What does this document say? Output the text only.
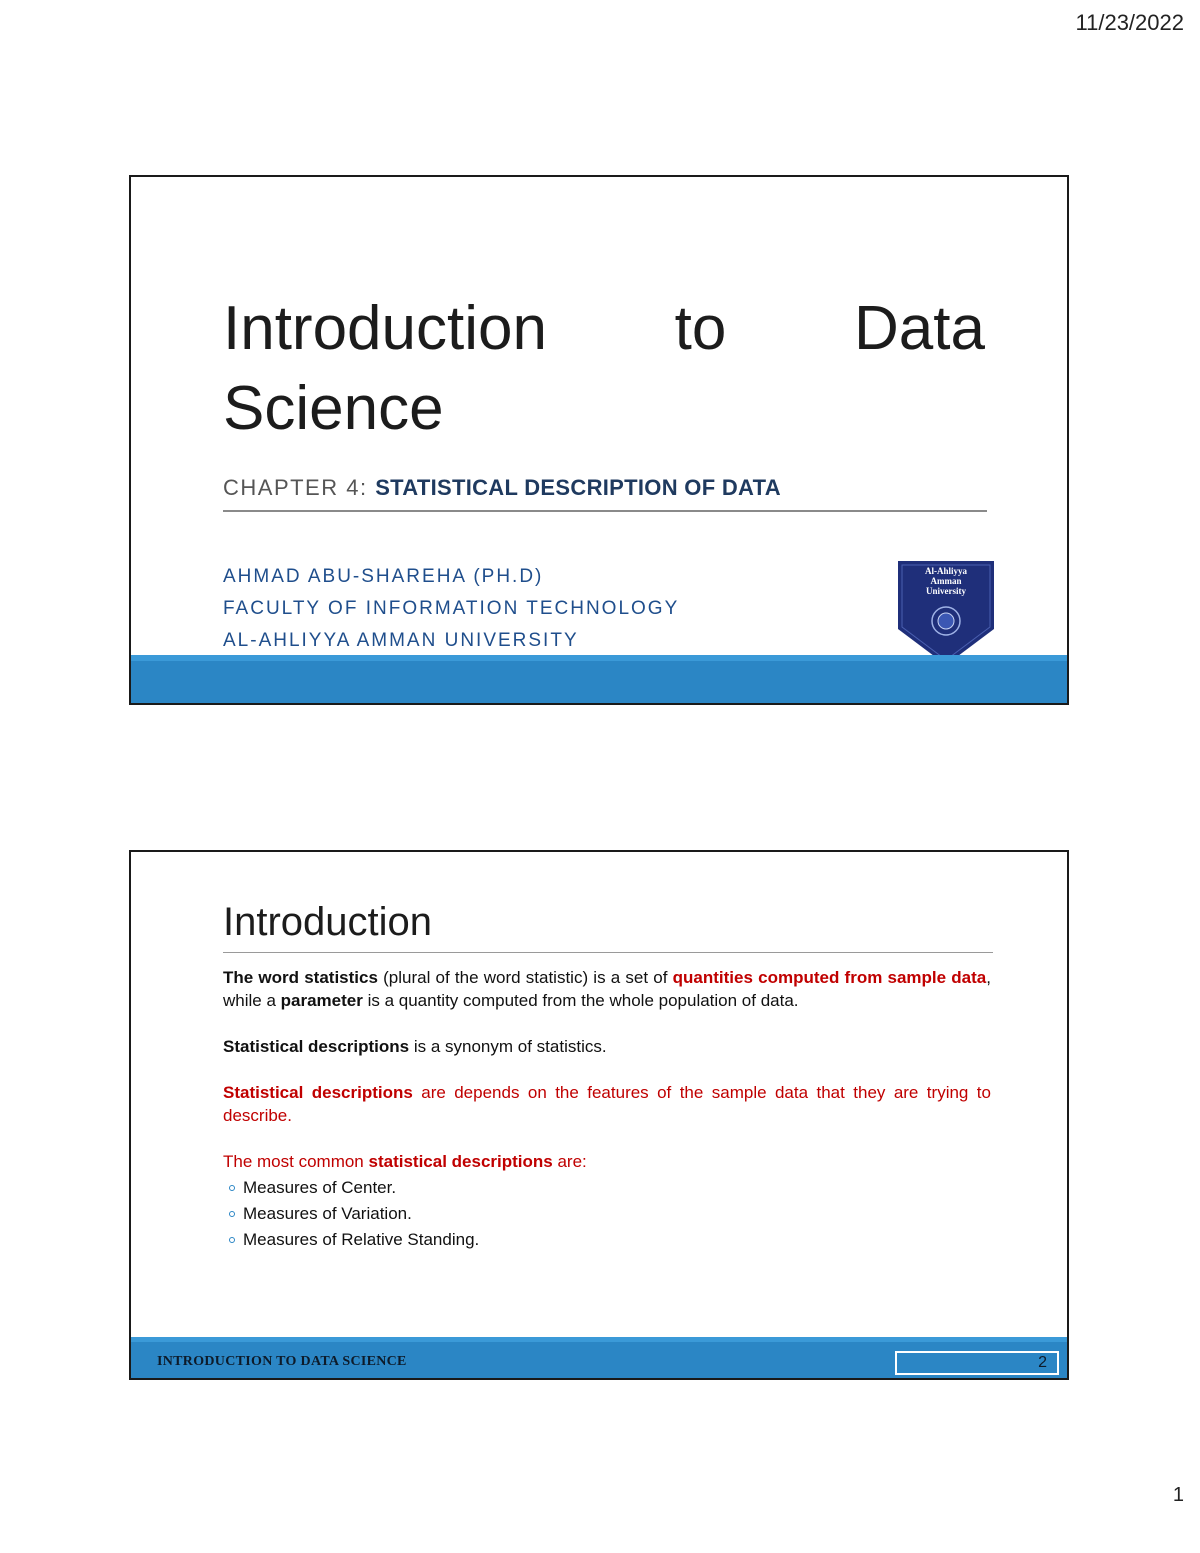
11/23/2022
Introduction to Data
Science
CHAPTER 4: STATISTICAL DESCRIPTION OF DATA
AHMAD ABU-SHAREHA (PH.D)
FACULTY OF INFORMATION TECHNOLOGY
AL-AHLIYYA AMMAN UNIVERSITY
Al-Ahliyya
Amman
University
Introduction

The word statistics (plural of the word statistic) is a set of quantities computed from sample data, while a parameter is a quantity computed from the whole population of data.

Statistical descriptions is a synonym of statistics.

Statistical descriptions are depends on the features of the sample data that they are trying to describe.

The most common statistical descriptions are:

Measures of Center.
Measures of Variation.
Measures of Relative Standing.
INTRODUCTION TO DATA SCIENCE	2
1
